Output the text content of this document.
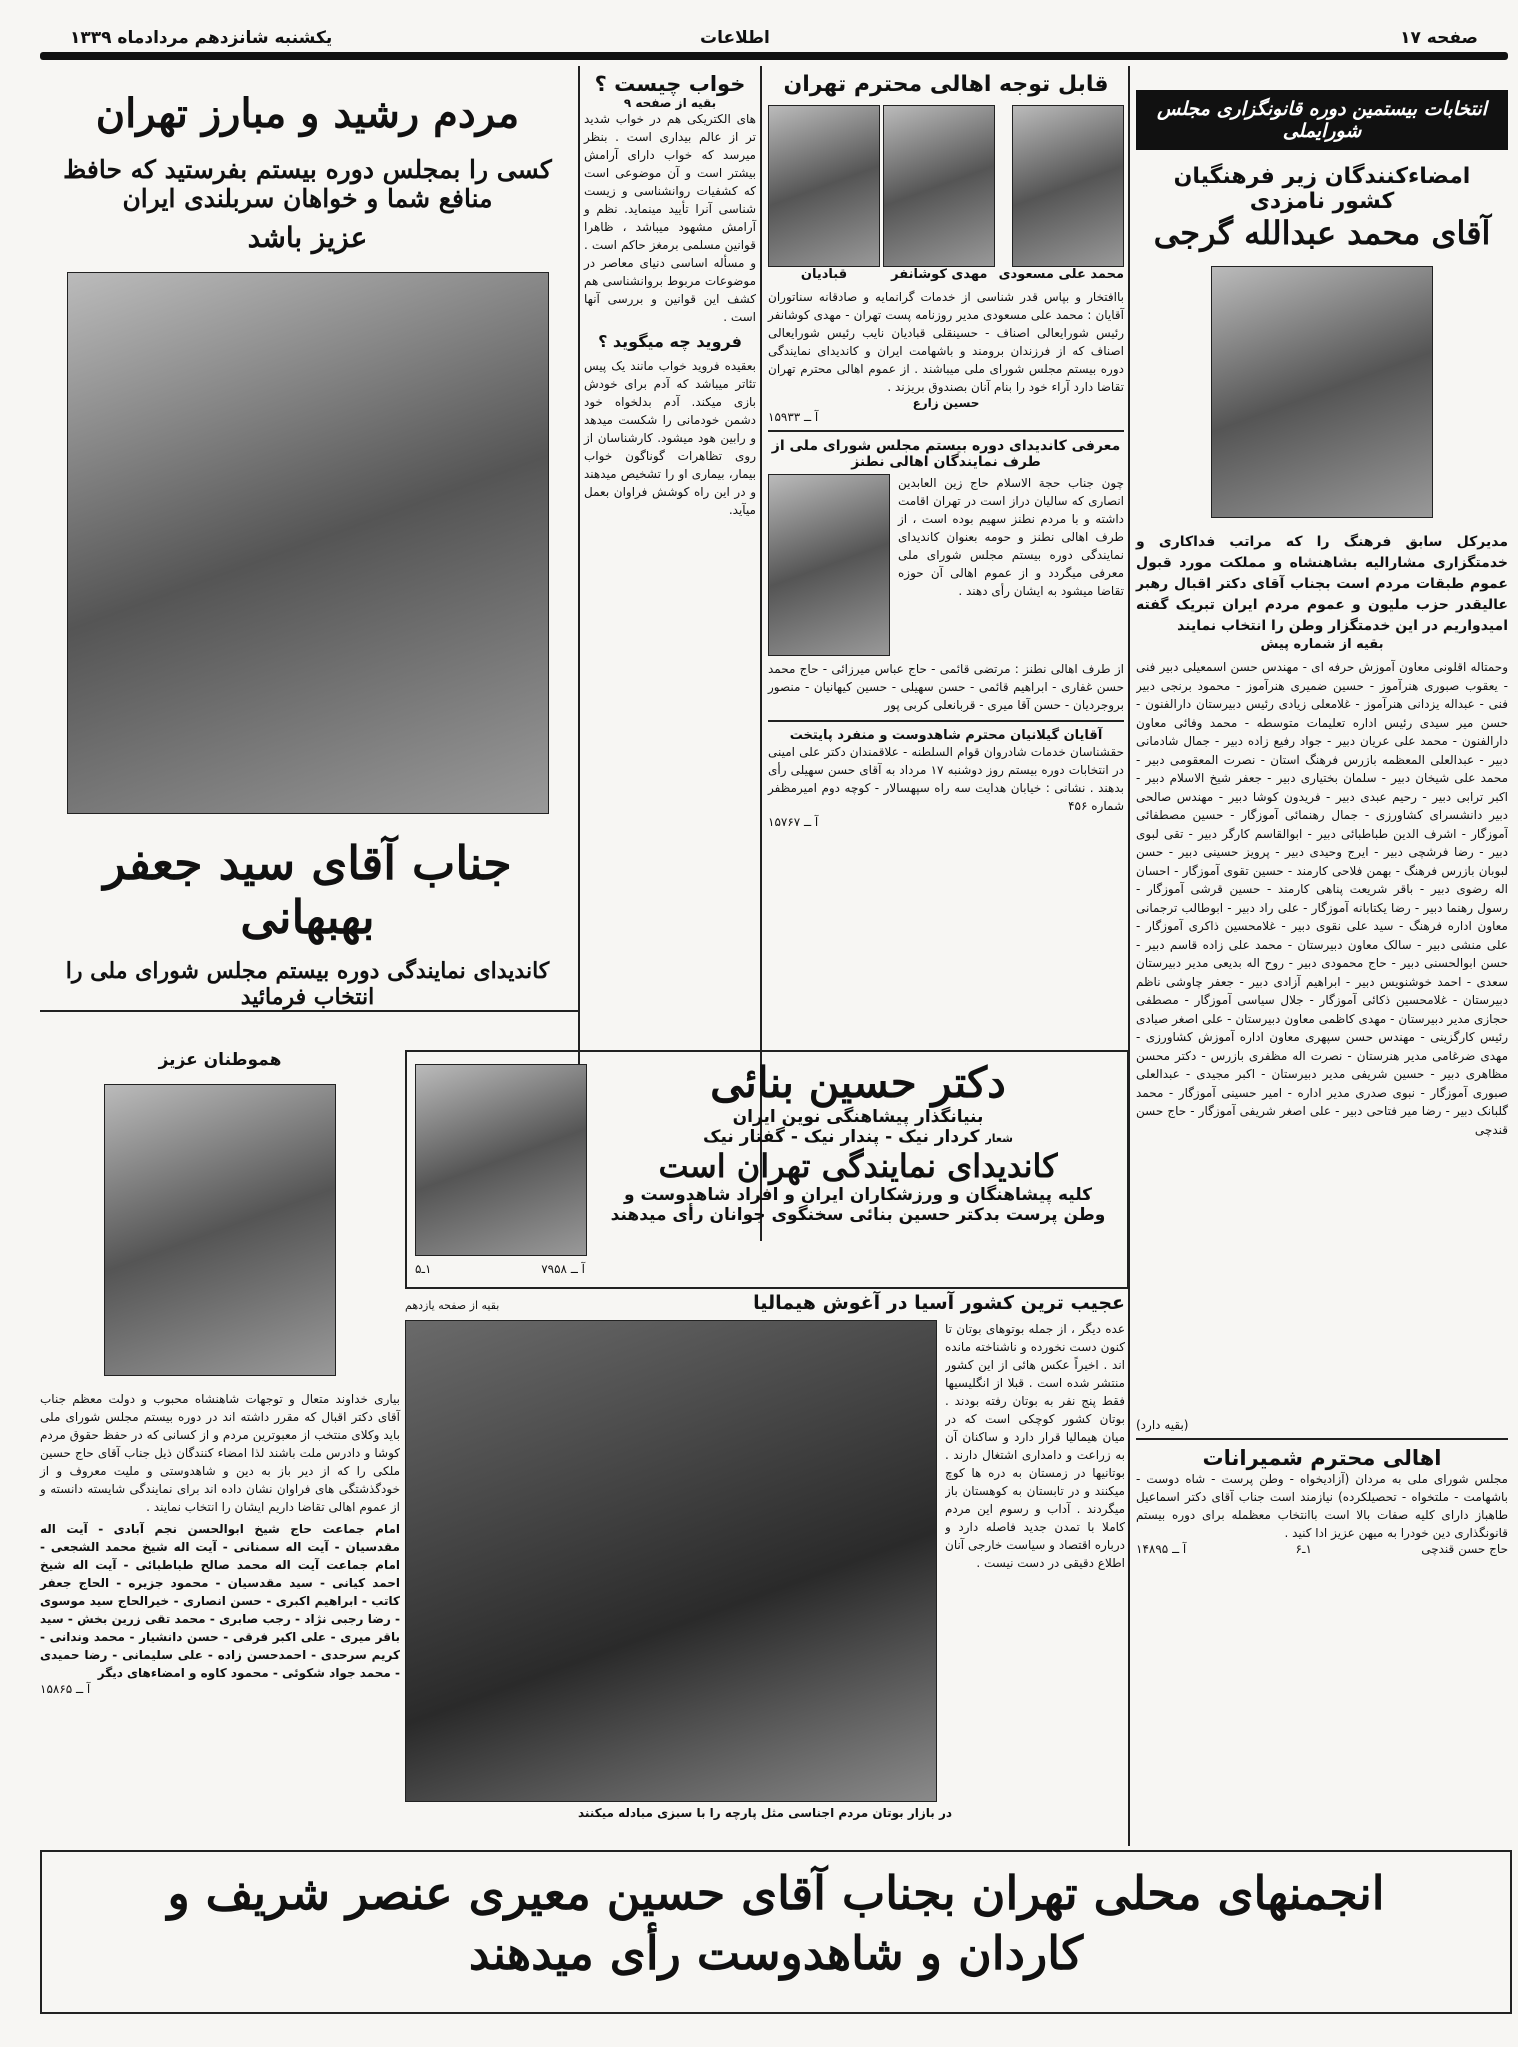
صفحه ۱۷
اطلاعات
یکشنبه شانزدهم مردادماه ۱۳۳۹
مردم رشید و مبارز تهران
کسی را بمجلس دوره بیستم بفرستید که حافظ منافع شما و خواهان سربلندی ایران
عزیز باشد
جناب آقای سید جعفر بهبهانی
کاندیدای نمایندگی دوره بیستم مجلس شورای ملی را انتخاب فرمائید
خواب چیست ؟
بقیه از صفحه ۹
های الکتریکی هم در خواب شدید تر از عالم بیداری است . بنظر میرسد که خواب دارای آرامش بیشتر است و آن موضوعی است که کشفیات روانشناسی و زیست شناسی آنرا تأیید مینماید. نظم و آرامش مشهود میباشد ، ظاهرا قوانین مسلمی برمغز حاکم است . و مسأله اساسی دنیای معاصر در موضوعات مربوط بروانشناسی هم کشف این قوانین و بررسی آنها است .
فروید چه میگوید ؟
بعقیده فروید خواب مانند یک پیس تئاتر میباشد که آدم برای خودش بازی میکند. آدم بدلخواه خود دشمن خودمانی را شکست میدهد و رابین هود میشود. کارشناسان از روی تظاهرات گوناگون خواب بیمار، بیماری او را تشخیص میدهند و در این راه کوشش فراوان بعمل میآید.
قابل توجه اهالی محترم تهران
محمد علی مسعودی
مهدی کوشانفر
قبادیان
باافتخار و بپاس قدر شناسی از خدمات گرانمایه و صادقانه سناتوران آقایان : محمد علی مسعودی مدیر روزنامه پست تهران - مهدی کوشانفر رئیس شورایعالی اصناف - حسینقلی قبادیان نایب رئیس شورایعالی اصناف که از فرزندان برومند و باشهامت ایران و کاندیدای نمایندگی دوره بیستم مجلس شورای ملی میباشند . از عموم اهالی محترم تهران تقاضا دارد آراء خود را بنام آنان بصندوق بریزند .
حسین زارع
آ ــ ۱۵۹۳۳
معرفی کاندیدای دوره بیستم مجلس شورای ملی از طرف نمایندگان اهالی نطنز
چون جناب حجة الاسلام حاج زین العابدین انصاری که سالیان دراز است در تهران اقامت داشته و با مردم نطنز سهیم بوده است ، از طرف اهالی نطنز و حومه بعنوان کاندیدای نمایندگی دوره بیستم مجلس شورای ملی معرفی میگردد و از عموم اهالی آن حوزه تقاضا میشود به ایشان رأی دهند .
از طرف اهالی نطنز : مرتضی قائمی - حاج عباس میرزائی - حاج محمد حسن غفاری - ابراهیم قائمی - حسن سهیلی - حسین کیهانیان - منصور بروجردیان - حسن آقا میری - قربانعلی کربی پور
آقایان گیلانیان محترم شاهدوست و منفرد پایتخت
حقشناسان خدمات شادروان قوام السلطنه - علاقمندان دکتر علی امینی در انتخابات دوره بیستم روز دوشنبه ۱۷ مرداد به آقای حسن سهیلی رأی بدهند . نشانی : خیابان هدایت سه راه سپهسالار - کوچه دوم امیرمظفر شماره ۴۵۶
آ ــ ۱۵۷۶۷
انتخابات بیستمین دوره قانونگزاری مجلس شورایملی
امضاءکنندگان زیر فرهنگیان
کشور نامزدی
آقای محمد عبدالله گرجی
مدیرکل سابق فرهنگ را که مراتب فداکاری و خدمتگزاری مشارالیه بشاهنشاه و مملکت مورد قبول عموم طبقات مردم است بجناب آقای دکتر اقبال رهبر عالیقدر حزب ملیون و عموم مردم ایران تبریک گفته امیدواریم در این خدمتگزار وطن را انتخاب نمایند
بقیه از شماره پیش
وحمتاله اقلونی معاون آموزش حرفه ای - مهندس حسن اسمعیلی دبیر فنی - یعقوب صبوری هنرآموز - حسین ضمیری هنرآموز - محمود برنجی دبیر فنی - عبداله یزدانی هنرآموز - غلامعلی زیادی رئیس دبیرستان دارالفنون - حسن میر سیدی رئیس اداره تعلیمات متوسطه - محمد وفائی معاون دارالفنون - محمد علی عریان دبیر - جواد رفیع زاده دبیر - جمال شادمانی دبیر - عبدالعلی المعظمه بازرس فرهنگ استان - نصرت المعقومی دبیر - محمد علی شیخان دبیر - سلمان بختیاری دبیر - جعفر شیخ الاسلام دبیر - اکبر ترابی دبیر - رحیم عبدی دبیر - فریدون کوشا دبیر - مهندس صالحی دبیر دانشسرای کشاورزی - جمال رهنمائی آموزگار - حسین مصطفائی آموزگار - اشرف الدین طباطبائی دبیر - ابوالقاسم کارگر دبیر - تقی لبوی دبیر - رضا فرشچی دبیر - ایرج وحیدی دبیر - پرویز حسینی دبیر - حسن لبوبان بازرس فرهنگ - بهمن فلاحی کارمند - حسین تقوی آموزگار - احسان اله رضوی دبیر - باقر شریعت پناهی کارمند - حسین قرشی آموزگار - رسول رهنما دبیر - رضا یکتابانه آموزگار - علی راد دبیر - ابوطالب ترجمانی معاون اداره فرهنگ - سید علی نقوی دبیر - غلامحسین ذاکری آموزگار - علی منشی دبیر - سالک معاون دبیرستان - محمد علی زاده قاسم دبیر - حسن ابوالحسنی دبیر - حاج محمودی دبیر - روح اله بدیعی مدیر دبیرستان سعدی - احمد خوشنویس دبیر - ابراهیم آزادی دبیر - جعفر چاوشی ناظم دبیرستان - غلامحسین ذکائی آموزگار - جلال سیاسی آموزگار - مصطفی حجازی مدیر دبیرستان - مهدی کاظمی معاون دبیرستان - علی اصغر صیادی رئیس کارگزینی - مهندس حسن سپهری معاون اداره آموزش کشاورزی - مهدی ضرغامی مدیر هنرستان - نصرت اله مظفری بازرس - دکتر محسن مظاهری دبیر - حسین شریفی مدیر دبیرستان - اکبر مجیدی - عبدالعلی صبوری آموزگار - نبوی صدری مدیر اداره - امیر حسینی آموزگار - محمد گلبانک دبیر - رضا میر فتاحی دبیر - علی اصغر شریفی آموزگار - حاج حسن قندچی
(بقیه دارد)
اهالی محترم شمیرانات
مجلس شورای ملی به مردان (آزادیخواه - وطن پرست - شاه دوست - باشهامت - ملتخواه - تحصیلکرده) نیازمند است جناب آقای دکتر اسماعیل طاهباز دارای کلیه صفات بالا است باانتخاب معظمله برای دوره بیستم قانونگذاری دین خودرا به میهن عزیز ادا کنید .
حاج حسن قندچی
۱ـ۶
آ ــ ۱۴۸۹۵
هموطنان عزیز
بیاری خداوند متعال و توجهات شاهنشاه محبوب و دولت معظم جناب آقای دکتر اقبال که مقرر داشته اند در دوره بیستم مجلس شورای ملی باید وکلای منتخب از معبوترین مردم و از کسانی که در حفظ حقوق مردم کوشا و دادرس ملت باشند لذا امضاء کنندگان ذیل جناب آقای حاج حسین ملکی را که از دیر باز به دین و شاهدوستی و ملیت معروف و از خودگذشتگی های فراوان نشان داده اند برای نمایندگی شایسته دانسته و از عموم اهالی تقاضا داریم ایشان را انتخاب نمایند .
امام جماعت حاج شیخ ابوالحسن نجم آبادی - آیت اله مقدسیان - آیت اله سمنانی - آیت اله شیخ محمد الشجعی - امام جماعت آیت اله محمد صالح طباطبائی - آیت اله شیخ احمد کیانی - سید مقدسیان - محمود جزیره - الحاج جعفر کاتب - ابراهیم اکبری - حسن انصاری - خیرالحاج سید موسوی - رضا رجبی نژاد - رجب صابری - محمد تقی زرین بخش - سید باقر میری - علی اکبر فرقی - حسن دانشیار - محمد وندانی - کریم سرحدی - احمدحسن زاده - علی سلیمانی - رضا حمیدی - محمد جواد شکوئی - محمود کاوه و امضاءهای دیگر
آ ــ ۱۵۸۶۵
آ ــ ۷۹۵۸
۱ـ۵
دکتر حسین بنائی
بنیانگذار پیشاهنگی نوین ایران
شعار کردار نیک - پندار نیک - گفتار نیک
کاندیدای نمایندگی تهران است
کلیه پیشاهنگان و ورزشکاران ایران و افراد شاهدوست و
وطن پرست بدکتر حسین بنائی سخنگوی جوانان رأی میدهند
عجیب ترین کشور آسیا در آغوش هیمالیا
بقیه از صفحه یازدهم
عده دیگر ، از جمله بوتوهای بوتان تا کنون دست نخورده و ناشناخته مانده اند . اخیراً عکس هائی از این کشور منتشر شده است . قبلا از انگلیسیها فقط پنج نفر به بوتان رفته بودند . بوتان کشور کوچکی است که در میان هیمالیا قرار دارد و ساکنان آن به زراعت و دامداری اشتغال دارند . بوتانیها در زمستان به دره ها کوچ میکنند و در تابستان به کوهستان باز میگردند . آداب و رسوم این مردم کاملا با تمدن جدید فاصله دارد و درباره اقتصاد و سیاست خارجی آنان اطلاع دقیقی در دست نیست .
در بازار بوتان مردم اجناسی مثل پارچه را با سبزی مبادله میکنند
انجمنهای محلی تهران بجناب آقای حسین معیری عنصر شریف و
کاردان و شاهدوست رأی میدهند
